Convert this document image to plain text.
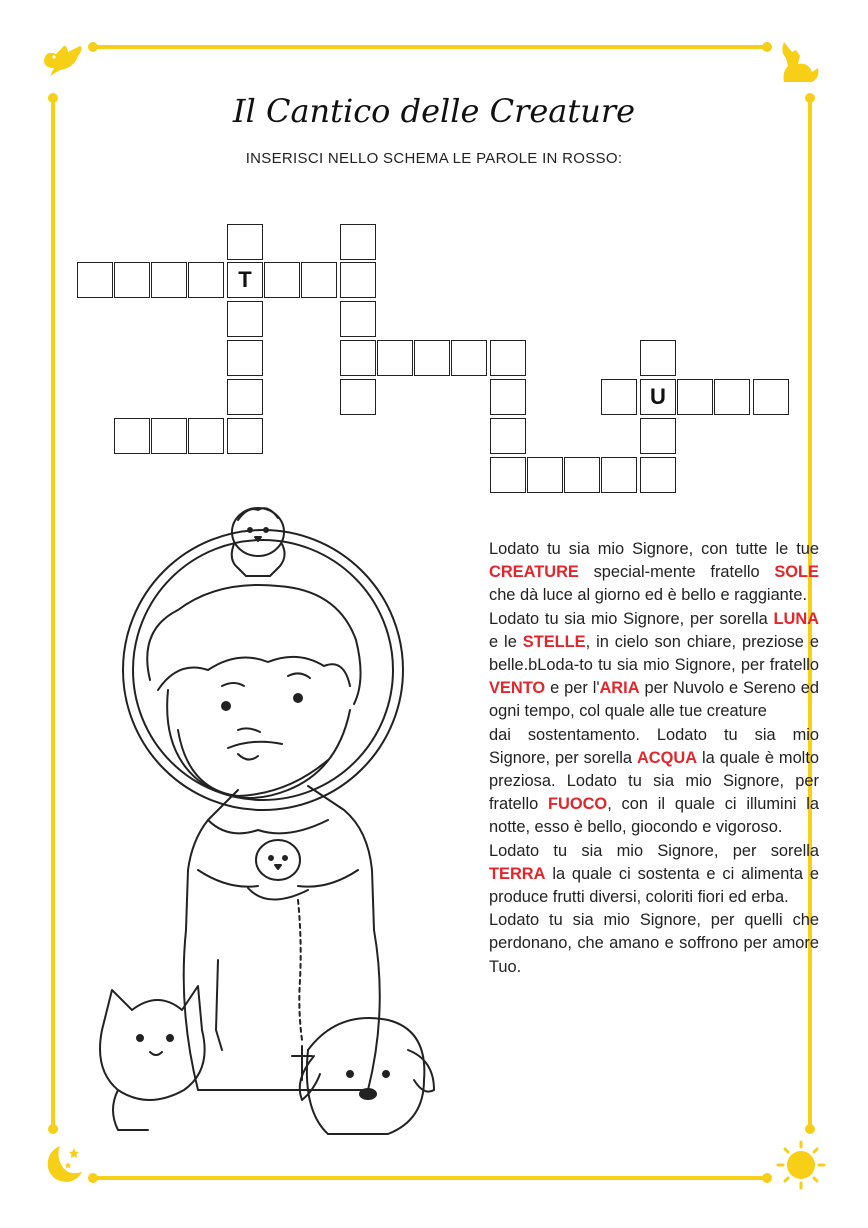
Il Cantico delle Creature
INSERISCI NELLO SCHEMA LE PAROLE IN ROSSO:
T
U

Lodato tu sia mio Signore, con tutte le tue CREATURE special-mente fratello SOLE che dà luce al giorno ed è bello e raggiante.

Lodato tu sia mio Signore, per sorella LUNA e le STELLE, in cielo son chiare, preziose e belle.bLoda-to tu sia mio Signore, per fratello VENTO e per l'ARIA per Nuvolo e Sereno ed ogni tempo, col quale alle tue creature

dai sostentamento. Lodato tu sia mio Signore, per sorella ACQUA la quale è molto preziosa. Lodato tu sia mio Signore, per fratello FUOCO, con il quale ci illumini la notte, esso è bello, giocondo e vigoroso.

Lodato tu sia mio Signore, per sorella TERRA la quale ci sostenta e ci alimenta e produce frutti diversi, coloriti fiori ed erba.

Lodato tu sia mio Signore, per quelli che perdonano, che amano e soffrono per amore Tuo.
